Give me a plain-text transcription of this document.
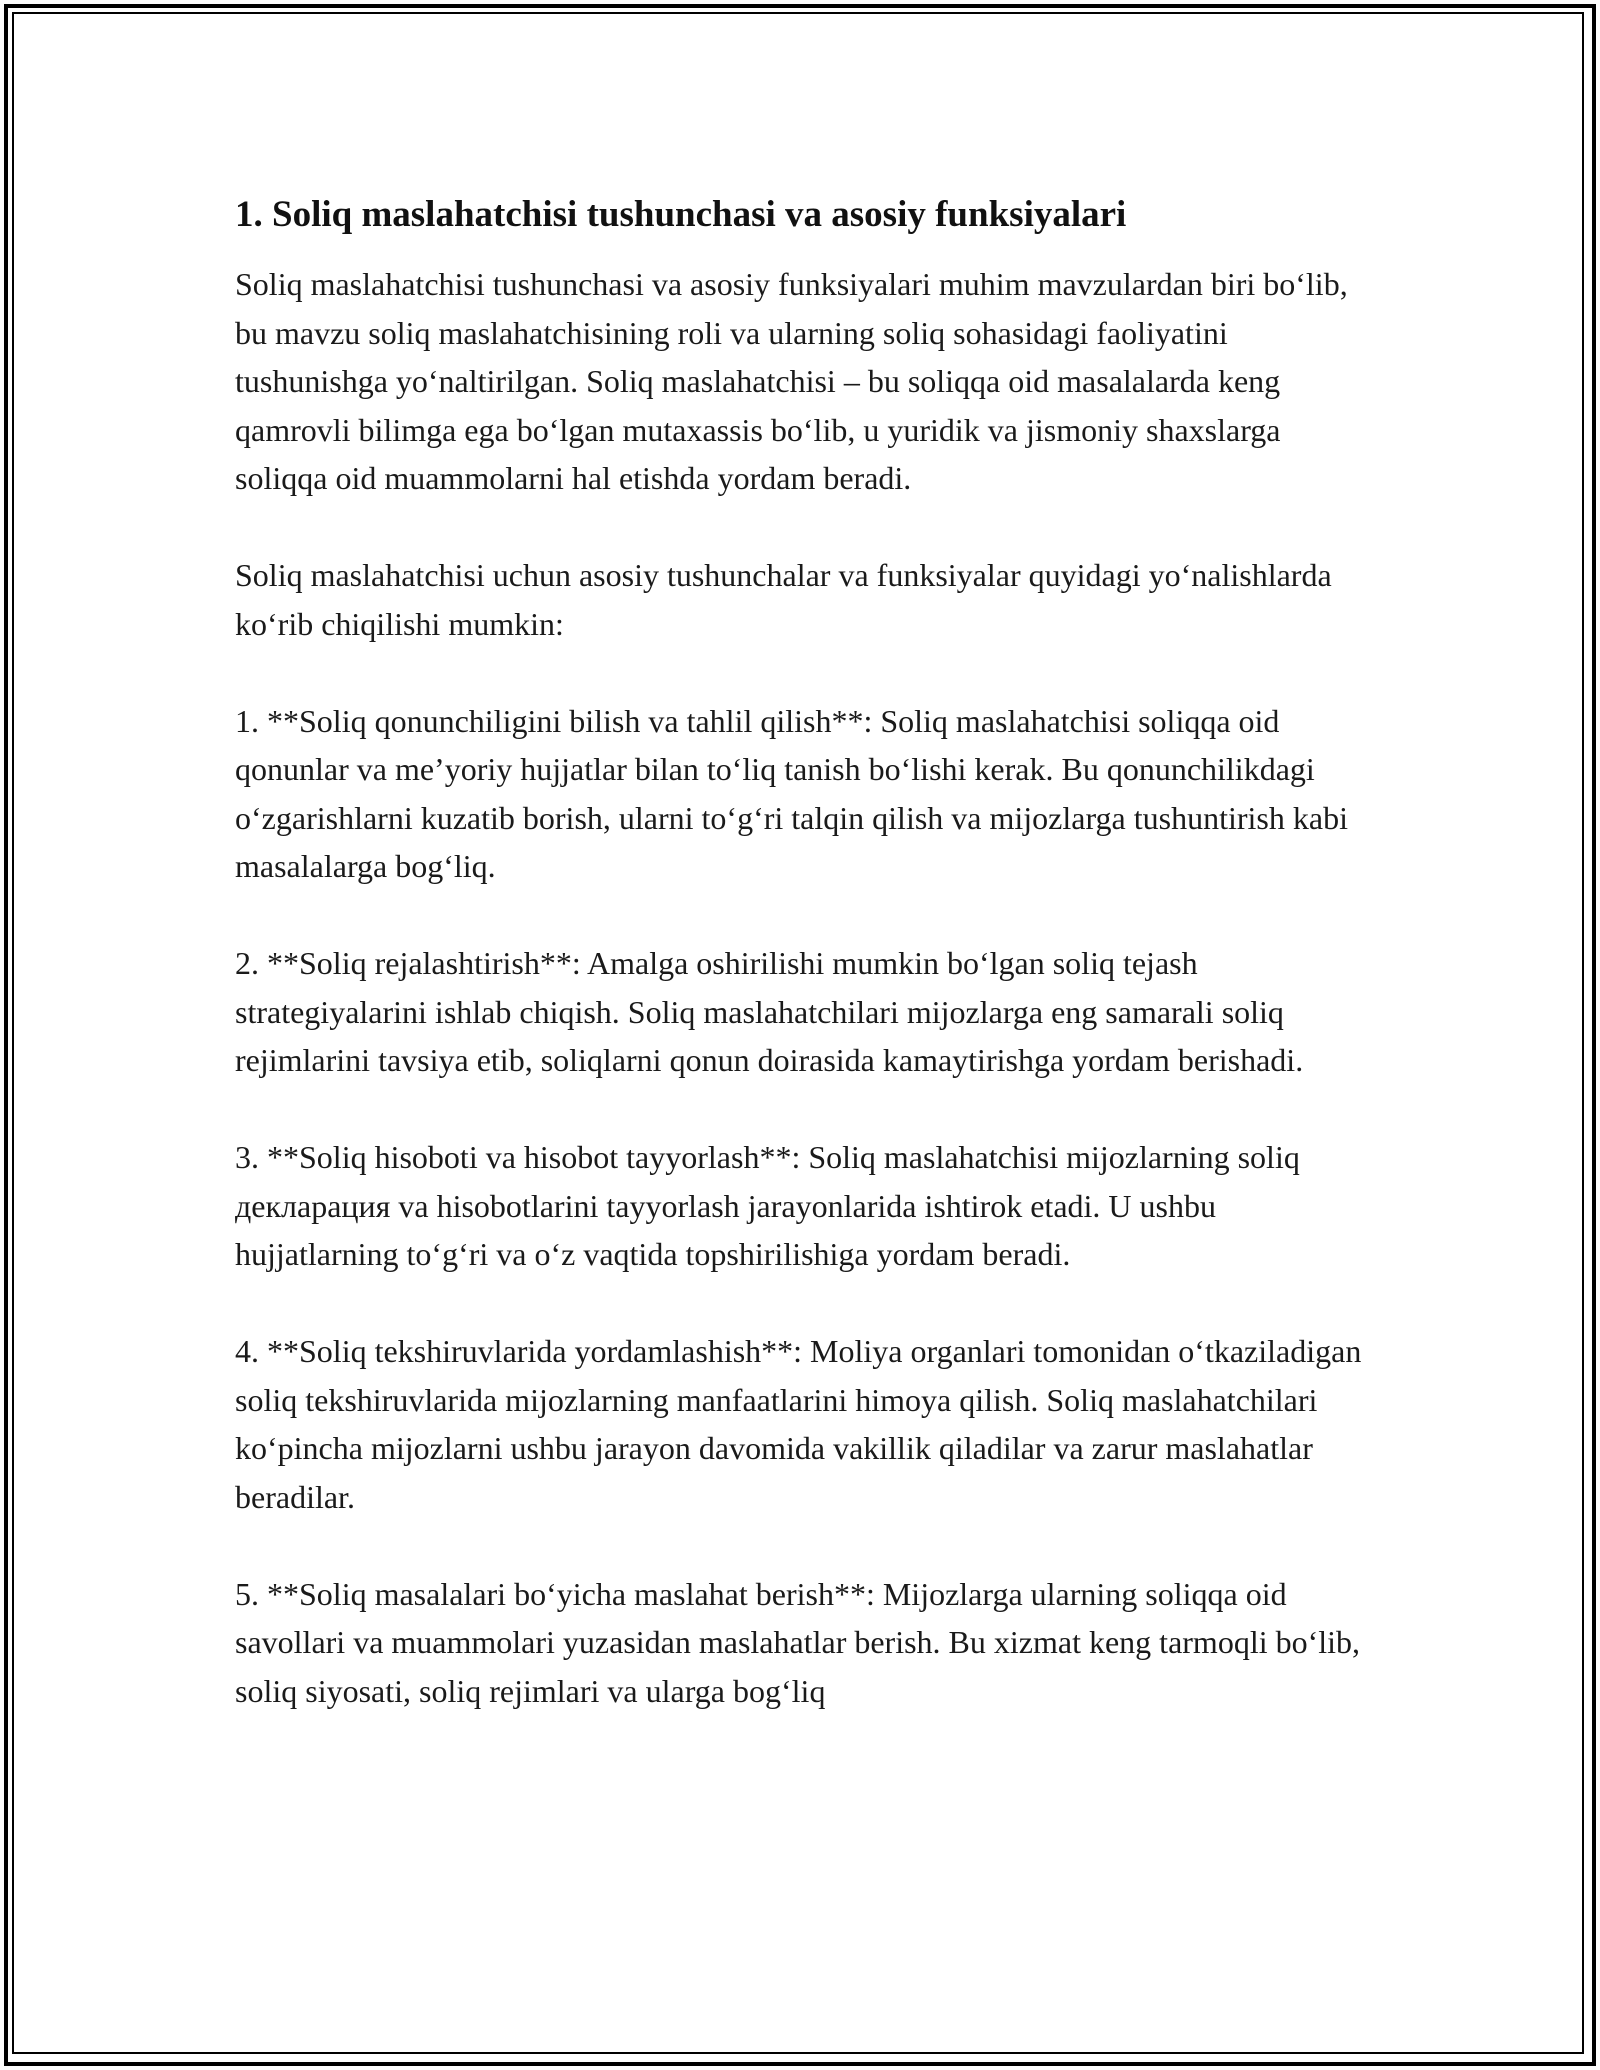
1. Soliq maslahatchisi tushunchasi va asosiy funksiyalari

Soliq maslahatchisi tushunchasi va asosiy funksiyalari muhim mavzulardan biri bo‘lib, bu mavzu soliq maslahatchisining roli va ularning soliq sohasidagi faoliyatini tushunishga yo‘naltirilgan. Soliq maslahatchisi – bu soliqqa oid masalalarda keng qamrovli bilimga ega bo‘lgan mutaxassis bo‘lib, u yuridik va jismoniy shaxslarga soliqqa oid muammolarni hal etishda yordam beradi.

Soliq maslahatchisi uchun asosiy tushunchalar va funksiyalar quyidagi yo‘nalishlarda ko‘rib chiqilishi mumkin:

1. **Soliq qonunchiligini bilish va tahlil qilish**: Soliq maslahatchisi soliqqa oid qonunlar va me’yoriy hujjatlar bilan to‘liq tanish bo‘lishi kerak. Bu qonunchilikdagi o‘zgarishlarni kuzatib borish, ularni to‘g‘ri talqin qilish va mijozlarga tushuntirish kabi masalalarga bog‘liq.

2. **Soliq rejalashtirish**: Amalga oshirilishi mumkin bo‘lgan soliq tejash strategiyalarini ishlab chiqish. Soliq maslahatchilari mijozlarga eng samarali soliq rejimlarini tavsiya etib, soliqlarni qonun doirasida kamaytirishga yordam berishadi.

3. **Soliq hisoboti va hisobot tayyorlash**: Soliq maslahatchisi mijozlarning soliq декларация va hisobotlarini tayyorlash jarayonlarida ishtirok etadi. U ushbu hujjatlarning to‘g‘ri va o‘z vaqtida topshirilishiga yordam beradi.

4. **Soliq tekshiruvlarida yordamlashish**: Moliya organlari tomonidan o‘tkaziladigan soliq tekshiruvlarida mijozlarning manfaatlarini himoya qilish. Soliq maslahatchilari ko‘pincha mijozlarni ushbu jarayon davomida vakillik qiladilar va zarur maslahatlar beradilar.

5. **Soliq masalalari bo‘yicha maslahat berish**: Mijozlarga ularning soliqqa oid savollari va muammolari yuzasidan maslahatlar berish. Bu xizmat keng tarmoqli bo‘lib, soliq siyosati, soliq rejimlari va ularga bog‘liq
